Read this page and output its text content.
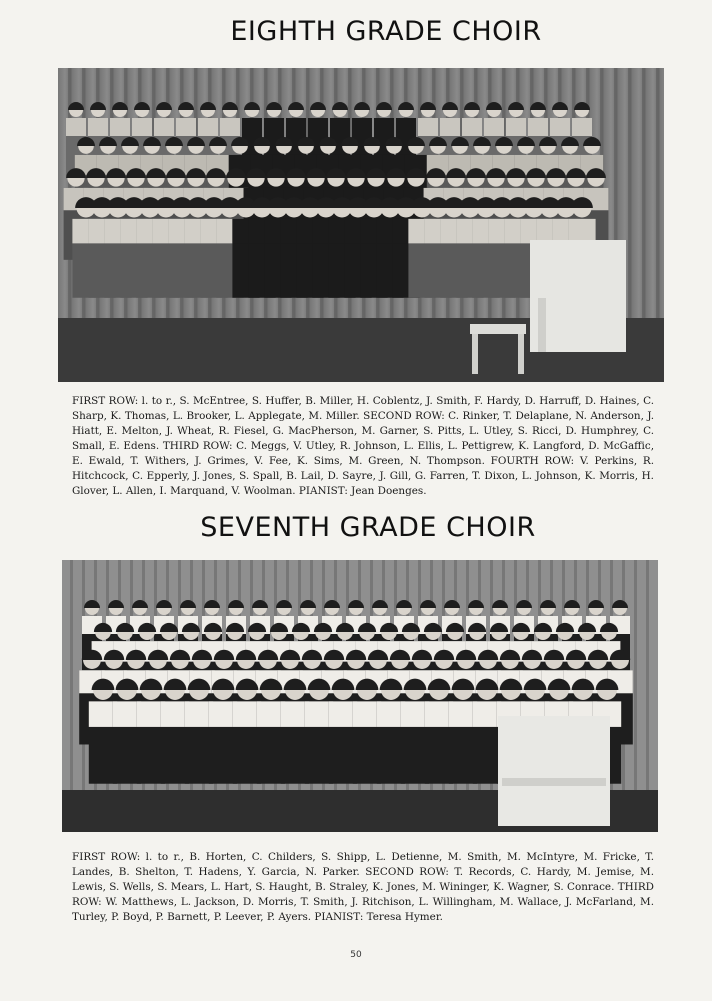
EIGHTH GRADE CHOIR
FIRST ROW: l. to r., S. McEntree, S. Huffer, B. Miller, H. Coblentz, J. Smith, F. Hardy, D. Harruff, D. Haines, C. Sharp, K. Thomas, L. Brooker, L. Applegate, M. Miller. SECOND ROW: C. Rinker, T. Delaplane, N. Anderson, J. Hiatt, E. Melton, J. Wheat, R. Fiesel, G. MacPherson, M. Garner, S. Pitts, L. Utley, S. Ricci, D. Humphrey, C. Small, E. Edens. THIRD ROW: C. Meggs, V. Utley, R. Johnson, L. Ellis, L. Pettigrew, K. Langford, D. McGaffic, E. Ewald, T. Withers, J. Grimes, V. Fee, K. Sims, M. Green, N. Thompson. FOURTH ROW: V. Perkins, R. Hitchcock, C. Epperly, J. Jones, S. Spall, B. Lail, D. Sayre, J. Gill, G. Farren, T. Dixon, L. Johnson, K. Morris, H. Glover, L. Allen, I. Marquand, V. Woolman. PIANIST: Jean Doenges.
SEVENTH GRADE CHOIR
FIRST ROW: l. to r., B. Horten, C. Childers, S. Shipp, L. Detienne, M. Smith, M. McIntyre, M. Fricke, T. Landes, B. Shelton, T. Hadens, Y. Garcia, N. Parker. SECOND ROW: T. Records, C. Hardy, M. Jemise, M. Lewis, S. Wells, S. Mears, L. Hart, S. Haught, B. Straley, K. Jones, M. Wininger, K. Wagner, S. Conrace. THIRD ROW: W. Matthews, L. Jackson, D. Morris, T. Smith, J. Ritchison, L. Willingham, M. Wallace, J. McFarland, M. Turley, P. Boyd, P. Barnett, P. Leever, P. Ayers. PIANIST: Teresa Hymer.
50
